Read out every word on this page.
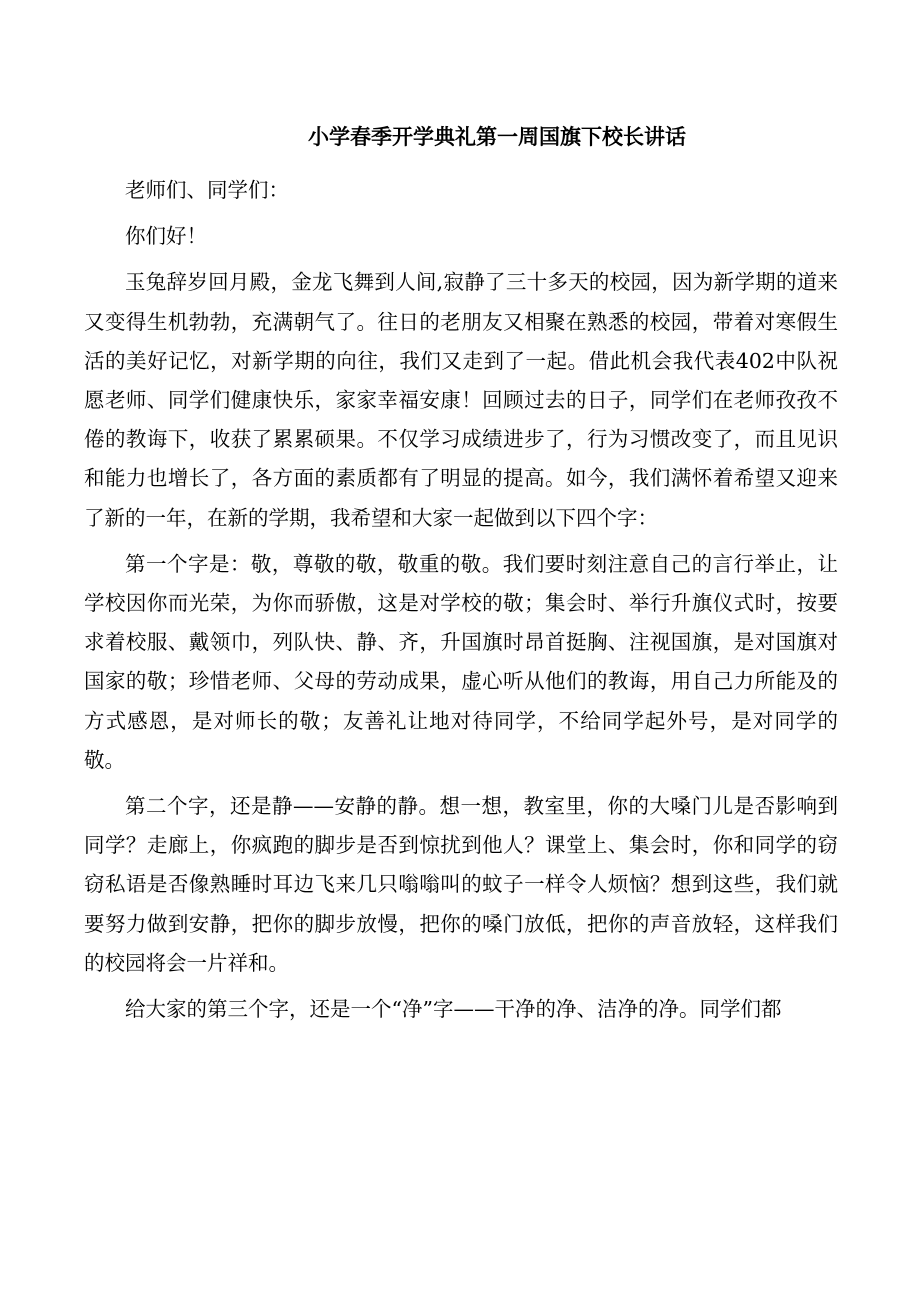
小学春季开学典礼第一周国旗下校长讲话

老师们、同学们：

你们好！

玉兔辞岁回月殿，金龙飞舞到人间,寂静了三十多天的校园，因为新学期的道来又变得生机勃勃，充满朝气了。往日的老朋友又相聚在熟悉的校园，带着对寒假生活的美好记忆，对新学期的向往，我们又走到了一起。借此机会我代表402中队祝愿老师、同学们健康快乐，家家幸福安康！回顾过去的日子，同学们在老师孜孜不倦的教诲下，收获了累累硕果。不仅学习成绩进步了，行为习惯改变了，而且见识和能力也增长了，各方面的素质都有了明显的提高。如今，我们满怀着希望又迎来了新的一年，在新的学期，我希望和大家一起做到以下四个字：

第一个字是：敬，尊敬的敬，敬重的敬。我们要时刻注意自己的言行举止，让学校因你而光荣，为你而骄傲，这是对学校的敬；集会时、举行升旗仪式时，按要求着校服、戴领巾，列队快、静、齐，升国旗时昂首挺胸、注视国旗，是对国旗对国家的敬；珍惜老师、父母的劳动成果，虚心听从他们的教诲，用自己力所能及的方式感恩，是对师长的敬；友善礼让地对待同学，不给同学起外号，是对同学的敬。

第二个字，还是静——安静的静。想一想，教室里，你的大嗓门儿是否影响到同学？走廊上，你疯跑的脚步是否到惊扰到他人？课堂上、集会时，你和同学的窃窃私语是否像熟睡时耳边飞来几只嗡嗡叫的蚊子一样令人烦恼？想到这些，我们就要努力做到安静，把你的脚步放慢，把你的嗓门放低，把你的声音放轻，这样我们的校园将会一片祥和。

给大家的第三个字，还是一个“净”字——干净的净、洁净的净。同学们都
